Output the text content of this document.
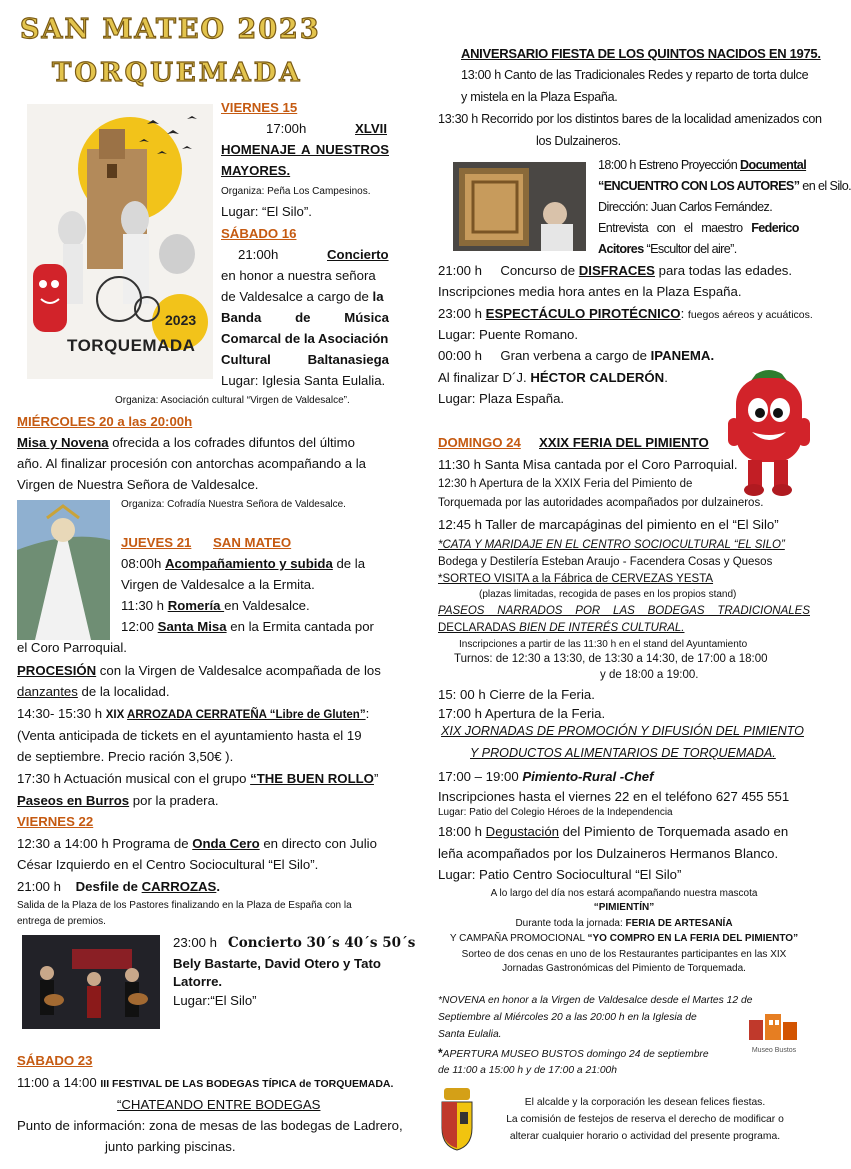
SAN MATEO 2023
TORQUEMADA
2023
TORQUEMADA
VIERNES 15
17:00h	XLVII
HOMENAJE A NUESTROS
MAYORES.
Organiza: Peña Los Campesinos.
Lugar: “El Silo”.
SÁBADO 16
21:00h	Concierto
en honor a nuestra señora
de Valdesalce a cargo de la
Banda	de	Música
Comarcal de la Asociación
Cultural	Baltanasiega
Lugar: Iglesia Santa Eulalia.
Organiza: Asociación cultural “Virgen de Valdesalce”.
MIÉRCOLES 20 a las 20:00h
Misa y Novena ofrecida a los cofrades difuntos del último
año. Al finalizar procesión con antorchas acompañando a la
Virgen de Nuestra Señora de Valdesalce.
Organiza: Cofradía Nuestra Señora de Valdesalce.
JUEVES 21 SAN MATEO
08:00h Acompañamiento y subida de la
Virgen de Valdesalce a la Ermita.
11:30 h Romería en Valdesalce.
12:00 Santa Misa en la Ermita cantada por
el Coro Parroquial.
PROCESIÓN con la Virgen de Valdesalce acompañada de los
danzantes de la localidad.
14:30- 15:30 h XIX ARROZADA CERRATEÑA “Libre de Gluten”:
(Venta anticipada de tickets en el ayuntamiento hasta el 19
de septiembre. Precio ración 3,50€ ).
17:30 h Actuación musical con el grupo “THE BUEN ROLLO”
Paseos en Burros por la pradera.
VIERNES 22
12:30 a 14:00 h Programa de Onda Cero en directo con Julio
César Izquierdo en el Centro Sociocultural “El Silo”.
21:00 h    Desfile de CARROZAS.
Salida de la Plaza de los Pastores finalizando en la Plaza de España con la
entrega de premios.
23:00 h   Concierto 30´s 40´s 50´s
Bely Bastarte, David Otero y Tato
Latorre.
Lugar:“El Silo”
SÁBADO 23
11:00 a 14:00 III FESTIVAL DE LAS BODEGAS TÍPICA de TORQUEMADA.
“CHATEANDO ENTRE BODEGAS
Punto de información: zona de mesas de las bodegas de Ladrero,
junto parking piscinas.
ANIVERSARIO FIESTA DE LOS QUINTOS NACIDOS EN 1975.
13:00 h Canto de las Tradicionales Redes y reparto de torta dulce
y mistela en la Plaza España.
13:30 h Recorrido por los distintos bares de la localidad amenizados con
los Dulzaineros.
18:00 h Estreno Proyección Documental
“ENCUENTRO CON LOS AUTORES” en el Silo.
Dirección: Juan Carlos Fernández.
Entrevista   con   el   maestro   Federico
Acitores “Escultor del aire”.
21:00 h     Concurso de DISFRACES para todas las edades.
Inscripciones media hora antes en la Plaza España.
23:00 h ESPECTÁCULO PIROTÉCNICO: fuegos aéreos y acuáticos.
Lugar: Puente Romano.
00:00 h     Gran verbena a cargo de IPANEMA.
Al finalizar D´J. HÉCTOR CALDERÓN.
Lugar: Plaza España.
DOMINGO 24 XXIX FERIA DEL PIMIENTO
11:30 h Santa Misa cantada por el Coro Parroquial.
12:30 h Apertura de la XXIX Feria del Pimiento de
Torquemada por las autoridades acompañados por dulzaineros.
12:45 h Taller de marcapáginas del pimiento en el “El Silo”
*CATA Y MARIDAJE EN EL CENTRO SOCIOCULTURAL “EL SILO”
Bodega y Destilería Esteban Araujo - Facendera Cosas y Quesos
*SORTEO VISITA a la Fábrica de CERVEZAS YESTA
(plazas limitadas, recogida de pases en los propios stand)
PASEOS NARRADOS POR LAS BODEGAS TRADICIONALES
DECLARADAS BIEN DE INTERÉS CULTURAL.
Inscripciones a partir de las 11:30 h en el stand del Ayuntamiento
Turnos: de 12:30 a 13:30, de 13:30 a 14:30, de 17:00 a 18:00
y de 18:00 a 19:00.
15: 00 h Cierre de la Feria.
17:00 h Apertura de la Feria.
XIX JORNADAS DE PROMOCIÓN Y DIFUSIÓN DEL PIMIENTO
Y PRODUCTOS ALIMENTARIOS DE TORQUEMADA.
17:00 – 19:00 Pimiento-Rural -Chef
Inscripciones hasta el viernes 22 en el teléfono 627 455 551
Lugar: Patio del Colegio Héroes de la Independencia
18:00 h Degustación del Pimiento de Torquemada asado en
leña acompañados por los Dulzaineros Hermanos Blanco.
Lugar: Patio Centro Sociocultural “El Silo”
A lo largo del día nos estará acompañando nuestra mascota
“PIMIENTÍN”
Durante toda la jornada: FERIA DE ARTESANÍA
Y CAMPAÑA PROMOCIONAL “YO COMPRO EN LA FERIA DEL PIMIENTO”
Sorteo de dos cenas en uno de los Restaurantes participantes en las XIX
Jornadas Gastronómicas del Pimiento de Torquemada.
*NOVENA en honor a la Virgen de Valdesalce desde el Martes 12 de
Septiembre al Miércoles 20 a las 20:00 h en la Iglesia de
Santa Eulalia.
*APERTURA MUSEO BUSTOS domingo 24 de septiembre
de 11:00 a 15:00 h y de 17:00 a 21:00h
Museo Bustos
El alcalde y la corporación les desean felices fiestas.
La comisión de festejos de reserva el derecho de modificar o
alterar cualquier horario o actividad del presente programa.
